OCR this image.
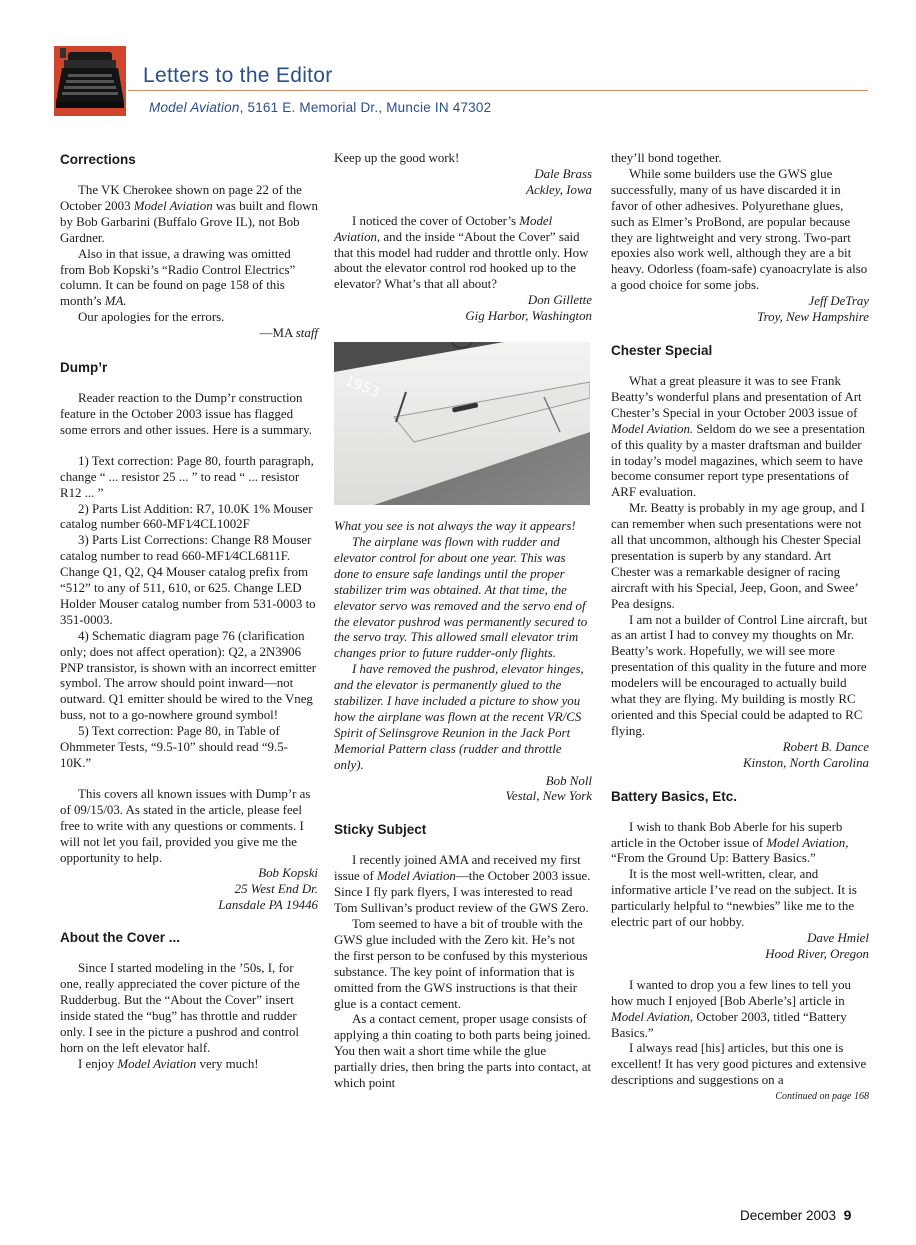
Letters to the Editor
Model Aviation, 5161 E. Memorial Dr., Muncie IN 47302
Corrections

The VK Cherokee shown on page 22 of the October 2003 Model Aviation was built and flown by Bob Garbarini (Buffalo Grove IL), not Bob Gardner.

Also in that issue, a drawing was omitted from Bob Kopski’s “Radio Control Electrics” column. It can be found on page 158 of this month’s MA.

Our apologies for the errors.

—MA staff
Dump’r

Reader reaction to the Dump’r construction feature in the October 2003 issue has flagged some errors and other issues. Here is a summary.

1) Text correction: Page 80, fourth paragraph, change “ ... resistor 25 ... ” to read “ ... resistor R12 ... ”

2) Parts List Addition: R7, 10.0K 1% Mouser catalog number 660-MF1⁄4CL1002F

3) Parts List Corrections: Change R8 Mouser catalog number to read 660-MF1⁄4CL6811F. Change Q1, Q2, Q4 Mouser catalog prefix from “512” to any of 511, 610, or 625. Change LED Holder Mouser catalog number from 531-0003 to 351-0003.

4) Schematic diagram page 76 (clarification only; does not affect operation): Q2, a 2N3906 PNP transistor, is shown with an incorrect emitter symbol. The arrow should point inward—not outward. Q1 emitter should be wired to the Vneg buss, not to a go-nowhere ground symbol!

5) Text correction: Page 80, in Table of Ohmmeter Tests, “9.5-10” should read “9.5-10K.”

This covers all known issues with Dump’r as of 09/15/03. As stated in the article, please feel free to write with any questions or comments. I will not let you fail, provided you give me the opportunity to help.

Bob Kopski
25 West End Dr.
Lansdale PA 19446
About the Cover ...

Since I started modeling in the ’50s, I, for one, really appreciated the cover picture of the Rudderbug. But the “About the Cover” insert inside stated the “bug” has throttle and rudder only. I see in the picture a pushrod and control horn on the left elevator half.

I enjoy Model Aviation very much!

Keep up the good work!

Dale Brass
Ackley, Iowa

I noticed the cover of October’s Model Aviation, and the inside “About the Cover” said that this model had rudder and throttle only. How about the elevator control rod hooked up to the elevator? What’s that all about?

Don Gillette
Gig Harbor, Washington
1953

What you see is not always the way it appears!

The airplane was flown with rudder and elevator control for about one year. This was done to ensure safe landings until the proper stabilizer trim was obtained. At that time, the elevator servo was removed and the servo end of the elevator pushrod was permanently secured to the servo tray. This allowed small elevator trim changes prior to future rudder-only flights.

I have removed the pushrod, elevator hinges, and the elevator is permanently glued to the stabilizer. I have included a picture to show you how the airplane was flown at the recent VR/CS Spirit of Selinsgrove Reunion in the Jack Port Memorial Pattern class (rudder and throttle only).

Bob Noll
Vestal, New York
Sticky Subject

I recently joined AMA and received my first issue of Model Aviation—the October 2003 issue. Since I fly park flyers, I was interested to read Tom Sullivan’s product review of the GWS Zero.

Tom seemed to have a bit of trouble with the GWS glue included with the Zero kit. He’s not the first person to be confused by this mysterious substance. The key point of information that is omitted from the GWS instructions is that their glue is a contact cement.

As a contact cement, proper usage consists of applying a thin coating to both parts being joined. You then wait a short time while the glue partially dries, then bring the parts into contact, at which point

they’ll bond together.

While some builders use the GWS glue successfully, many of us have discarded it in favor of other adhesives. Polyurethane glues, such as Elmer’s ProBond, are popular because they are lightweight and very strong. Two-part epoxies also work well, although they are a bit heavy. Odorless (foam-safe) cyanoacrylate is also a good choice for some jobs.

Jeff DeTray
Troy, New Hampshire
Chester Special

What a great pleasure it was to see Frank Beatty’s wonderful plans and presentation of Art Chester’s Special in your October 2003 issue of Model Aviation. Seldom do we see a presentation of this quality by a master draftsman and builder in today’s model magazines, which seem to have become consumer report type presentations of ARF evaluation.

Mr. Beatty is probably in my age group, and I can remember when such presentations were not all that uncommon, although his Chester Special presentation is superb by any standard. Art Chester was a remarkable designer of racing aircraft with his Special, Jeep, Goon, and Swee’ Pea designs.

I am not a builder of Control Line aircraft, but as an artist I had to convey my thoughts on Mr. Beatty’s work. Hopefully, we will see more presentation of this quality in the future and more modelers will be encouraged to actually build what they are flying. My building is mostly RC oriented and this Special could be adapted to RC flying.

Robert B. Dance
Kinston, North Carolina
Battery Basics, Etc.

I wish to thank Bob Aberle for his superb article in the October issue of Model Aviation, “From the Ground Up: Battery Basics.”

It is the most well-written, clear, and informative article I’ve read on the subject. It is particularly helpful to “newbies” like me to the electric part of our hobby.

Dave Hmiel
Hood River, Oregon

I wanted to drop you a few lines to tell you how much I enjoyed [Bob Aberle’s] article in Model Aviation, October 2003, titled “Battery Basics.”

I always read [his] articles, but this one is excellent! It has very good pictures and extensive descriptions and suggestions on a

Continued on page 168
December 2003 9
